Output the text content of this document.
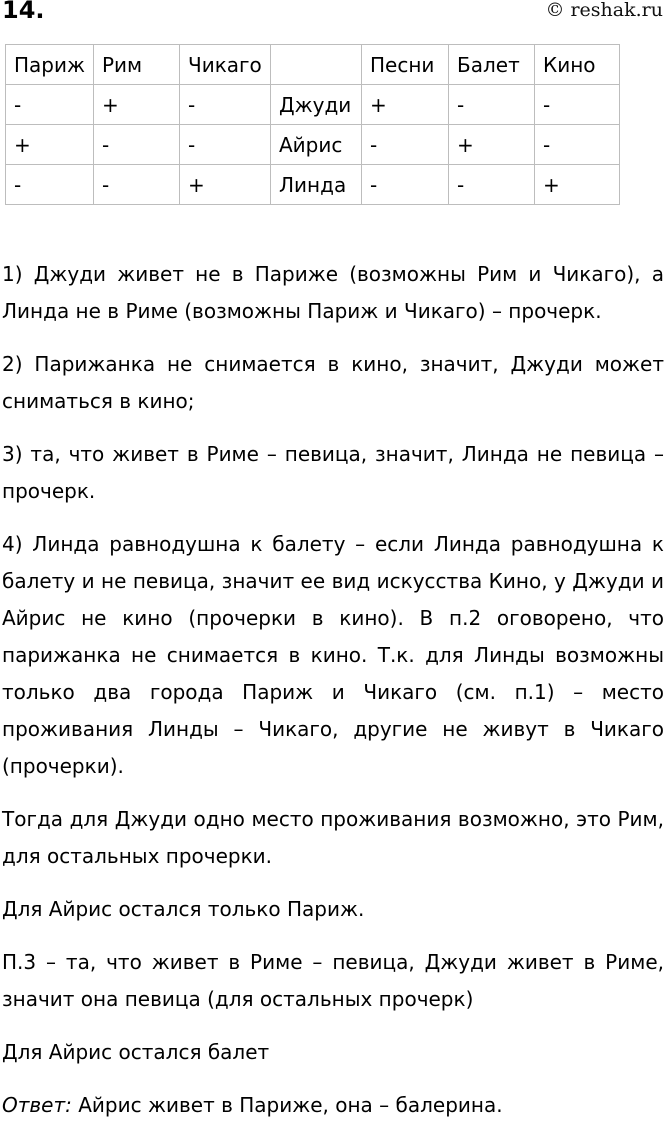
14.	© reshak.ru
Париж	Рим	Чикаго		Песни	Балет	Кино
-	+	-	Джуди	+	-	-
+	-	-	Айрис	-	+	-
-	-	+	Линда	-	-	+

1) Джуди живет не в Париже (возможны Рим и Чикаго), а Линда не в Риме (возможны Париж и Чикаго) – прочерк.

2) Парижанка не снимается в кино, значит, Джуди может сниматься в кино;

3) та, что живет в Риме – певица, значит, Линда не певица – прочерк.

4) Линда равнодушна к балету – если Линда равнодушна к балету и не певица, значит ее вид искусства Кино, у Джуди и Айрис не кино (прочерки в кино). В п.2 оговорено, что парижанка не снимается в кино. Т.к. для Линды возможны только два города Париж и Чикаго (см. п.1) – место проживания Линды – Чикаго, другие не живут в Чикаго (прочерки).

Тогда для Джуди одно место проживания возможно, это Рим, для остальных прочерки.

Для Айрис остался только Париж.

П.3 – та, что живет в Риме – певица, Джуди живет в Риме, значит она певица (для остальных прочерк)

Для Айрис остался балет

Ответ: Айрис живет в Париже, она – балерина.
